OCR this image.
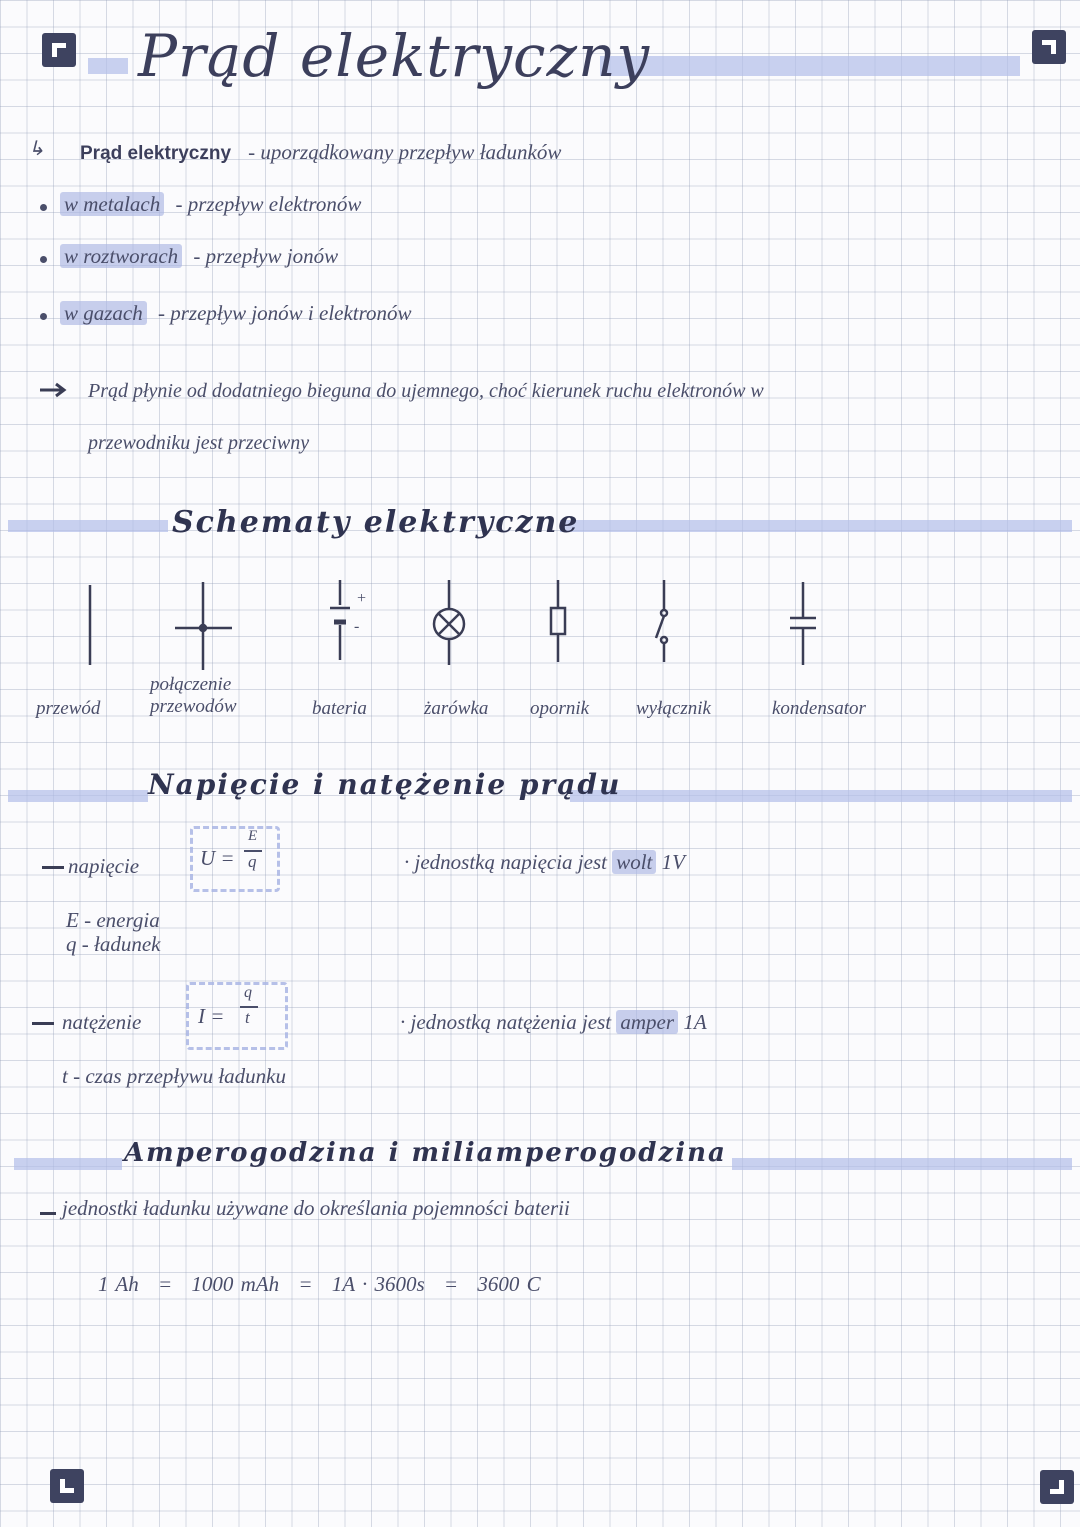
Prąd elektryczny
↳ Prąd elektryczny - uporządkowany przepływ ładunków
w metalach - przepływ elektronów
w roztworach - przepływ jonów
w gazach - przepływ jonów i elektronów
Prąd płynie od dodatniego bieguna do ujemnego, choć kierunek ruchu elektronów w
przewodniku jest przeciwny
Schematy elektryczne
+
-
przewód
połączenie
przewodów	bateria	żarówka opornik wyłącznik	kondensator
Napięcie i natężenie prądu
napięcie	U =
E
q	· jednostką napięcia jest wolt 1V
E - energia
q - ładunek
natężenie	I =
q
t	· jednostką natężenia jest amper 1A
t - czas przepływu ładunku
Amperogodzina i miliamperogodzina
jednostki ładunku używane do określania pojemności baterii
1 Ah = 1000 mAh = 1A · 3600s = 3600 C
